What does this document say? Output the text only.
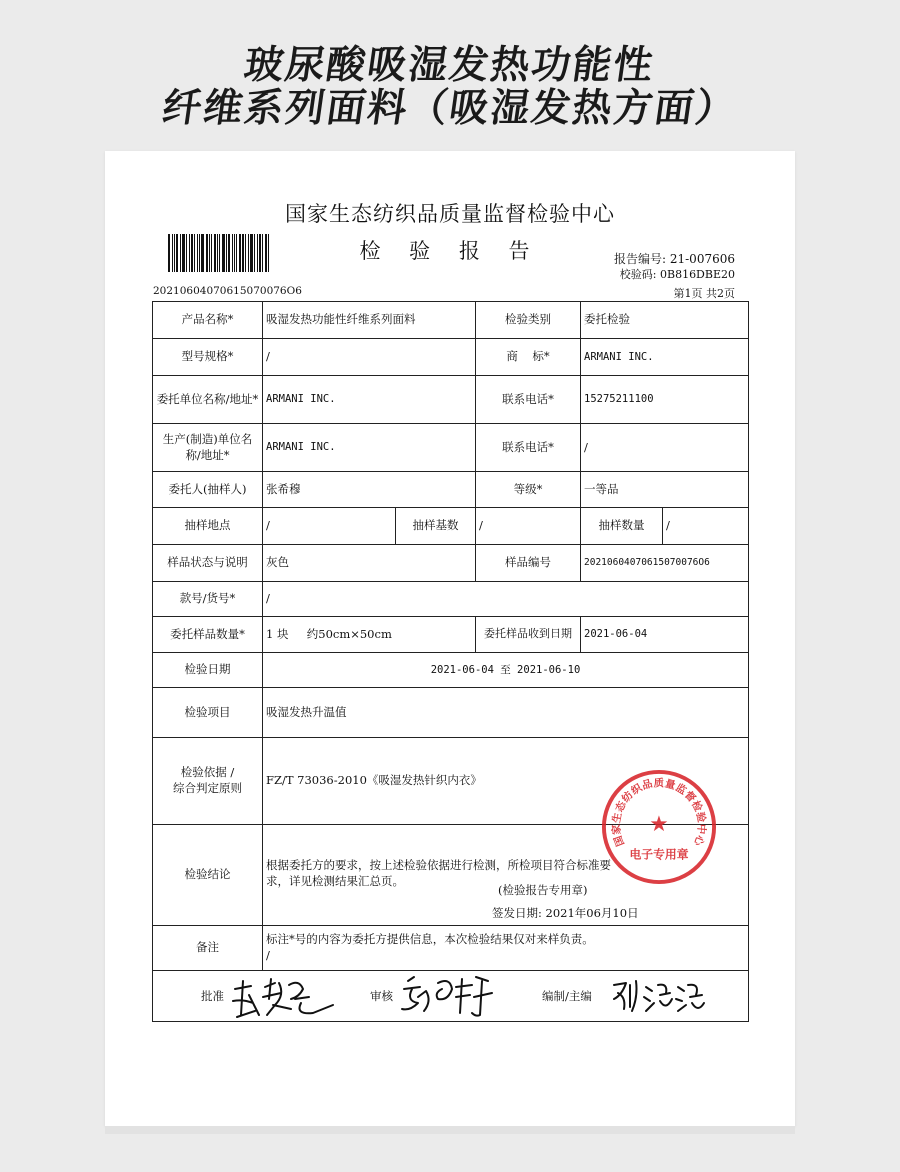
玻尿酸吸湿发热功能性
纤维系列面料（吸湿发热方面）
国家生态纺织品质量监督检验中心
检 验 报 告
20210604070615070076O6
报告编号: 21-007606
校验码: 0B816DBE20
第1页 共2页
产品名称*	吸湿发热功能性纤维系列面料		检验类别	委托检验	
型号规格*	/		商    标*	ARMANI INC.	
委托单位名称/地址*	ARMANI INC.		联系电话*	15275211100	
生产(制造)单位名称/地址*	ARMANI INC.		联系电话*	/	
委托人(抽样人)	张希穆		等级*	一等品	
抽样地点	/	抽样基数	/	抽样数量	/
样品状态与说明	灰色		样品编号	20210604070615070076O6	
款号/货号*	/				
委托样品数量*	1 块     约50cm×50cm		委托样品收到日期	2021-06-04	
检验日期	2021-06-04 至 2021-06-10				
检验项目	吸湿发热升温值				

检验依据 /
综合判定原则	FZ/T 73036-2010《吸湿发热针织内衣》				
检验结论	根据委托方的要求，按上述检验依据进行检测，所检项目符合标准要求，详见检测结果汇总页。
(检验报告专用章)
签发日期: 2021年06月10日				

备注	标注*号的内容为委托方提供信息，本次检验结果仅对来样负责。
/				

批准 审核 编制/主编					
国家生态纺织品质量监督检验中心
★
电子专用章
